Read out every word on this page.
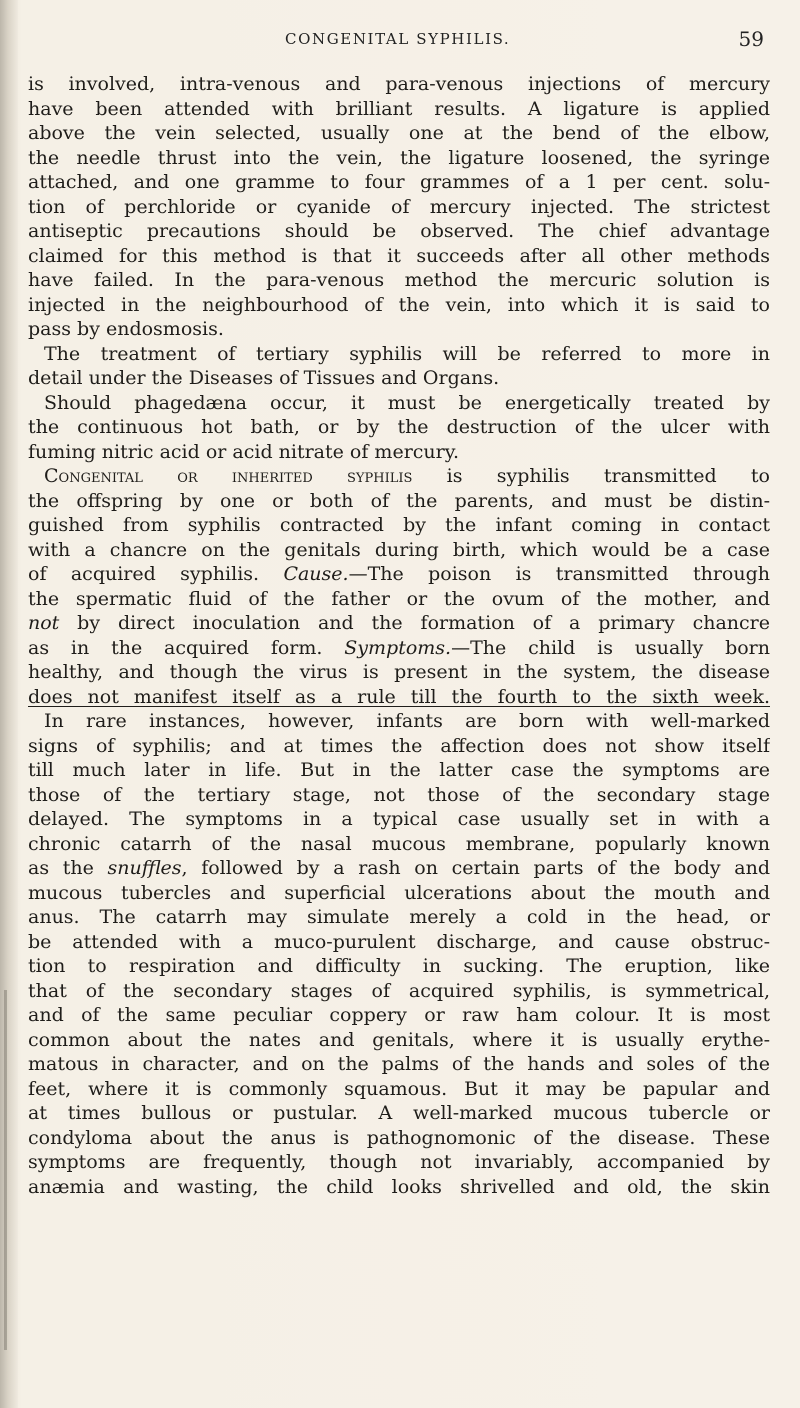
CONGENITAL SYPHILIS.	59
is involved, intra-venous and para-venous injections of mercury
have been attended with brilliant results. A ligature is applied
above the vein selected, usually one at the bend of the elbow,
the needle thrust into the vein, the ligature loosened, the syringe
attached, and one gramme to four grammes of a 1 per cent. solu-
tion of perchloride or cyanide of mercury injected. The strictest
antiseptic precautions should be observed. The chief advantage
claimed for this method is that it succeeds after all other methods
have failed. In the para-venous method the mercuric solution is
injected in the neighbourhood of the vein, into which it is said to
pass by endosmosis.
The treatment of tertiary syphilis will be referred to more in
detail under the Diseases of Tissues and Organs.
Should phagedæna occur, it must be energetically treated by
the continuous hot bath, or by the destruction of the ulcer with
fuming nitric acid or acid nitrate of mercury.
Congenital or inherited syphilis is syphilis transmitted to
the offspring by one or both of the parents, and must be distin-
guished from syphilis contracted by the infant coming in contact
with a chancre on the genitals during birth, which would be a case
of acquired syphilis. Cause.—The poison is transmitted through
the spermatic fluid of the father or the ovum of the mother, and
not by direct inoculation and the formation of a primary chancre
as in the acquired form. Symptoms.—The child is usually born
healthy, and though the virus is present in the system, the disease
does not manifest itself as a rule till the fourth to the sixth week.
In rare instances, however, infants are born with well-marked
signs of syphilis; and at times the affection does not show itself
till much later in life. But in the latter case the symptoms are
those of the tertiary stage, not those of the secondary stage
delayed. The symptoms in a typical case usually set in with a
chronic catarrh of the nasal mucous membrane, popularly known
as the snuffles, followed by a rash on certain parts of the body and
mucous tubercles and superficial ulcerations about the mouth and
anus. The catarrh may simulate merely a cold in the head, or
be attended with a muco-purulent discharge, and cause obstruc-
tion to respiration and difficulty in sucking. The eruption, like
that of the secondary stages of acquired syphilis, is symmetrical,
and of the same peculiar coppery or raw ham colour. It is most
common about the nates and genitals, where it is usually erythe-
matous in character, and on the palms of the hands and soles of the
feet, where it is commonly squamous. But it may be papular and
at times bullous or pustular. A well-marked mucous tubercle or
condyloma about the anus is pathognomonic of the disease. These
symptoms are frequently, though not invariably, accompanied by
anæmia and wasting, the child looks shrivelled and old, the skin
